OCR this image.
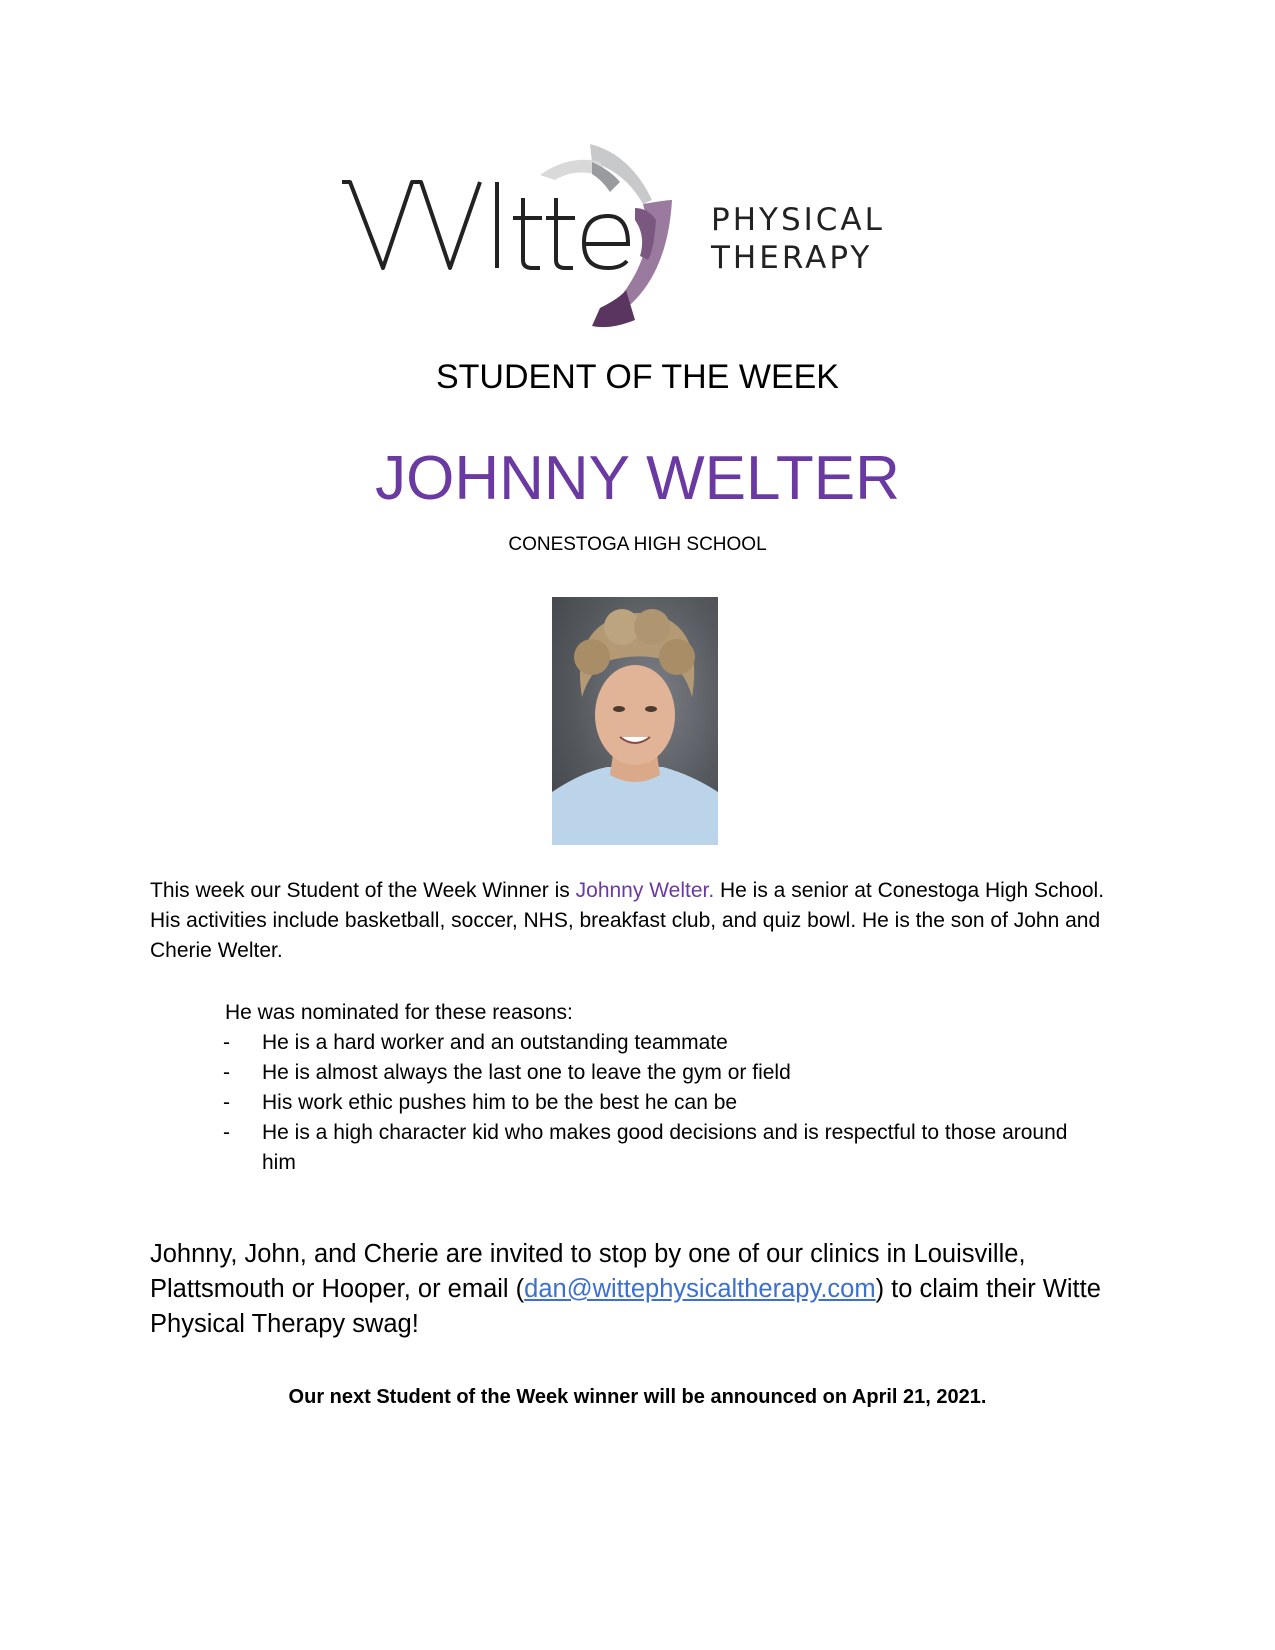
PHYSICAL
THERAPY
STUDENT OF THE WEEK
JOHNNY WELTER
CONESTOGA HIGH SCHOOL
This week our Student of the Week Winner is Johnny Welter. He is a senior at Conestoga High School. His activities include basketball, soccer, NHS, breakfast club, and quiz bowl. He is the son of John and Cherie Welter.
He was nominated for these reasons:
- He is a hard worker and an outstanding teammate
- He is almost always the last one to leave the gym or field
- His work ethic pushes him to be the best he can be
- He is a high character kid who makes good decisions and is respectful to those around him
Johnny, John, and Cherie are invited to stop by one of our clinics in Louisville, Plattsmouth or Hooper, or email (dan@wittephysicaltherapy.com) to claim their Witte Physical Therapy swag!
Our next Student of the Week winner will be announced on April 21, 2021.
